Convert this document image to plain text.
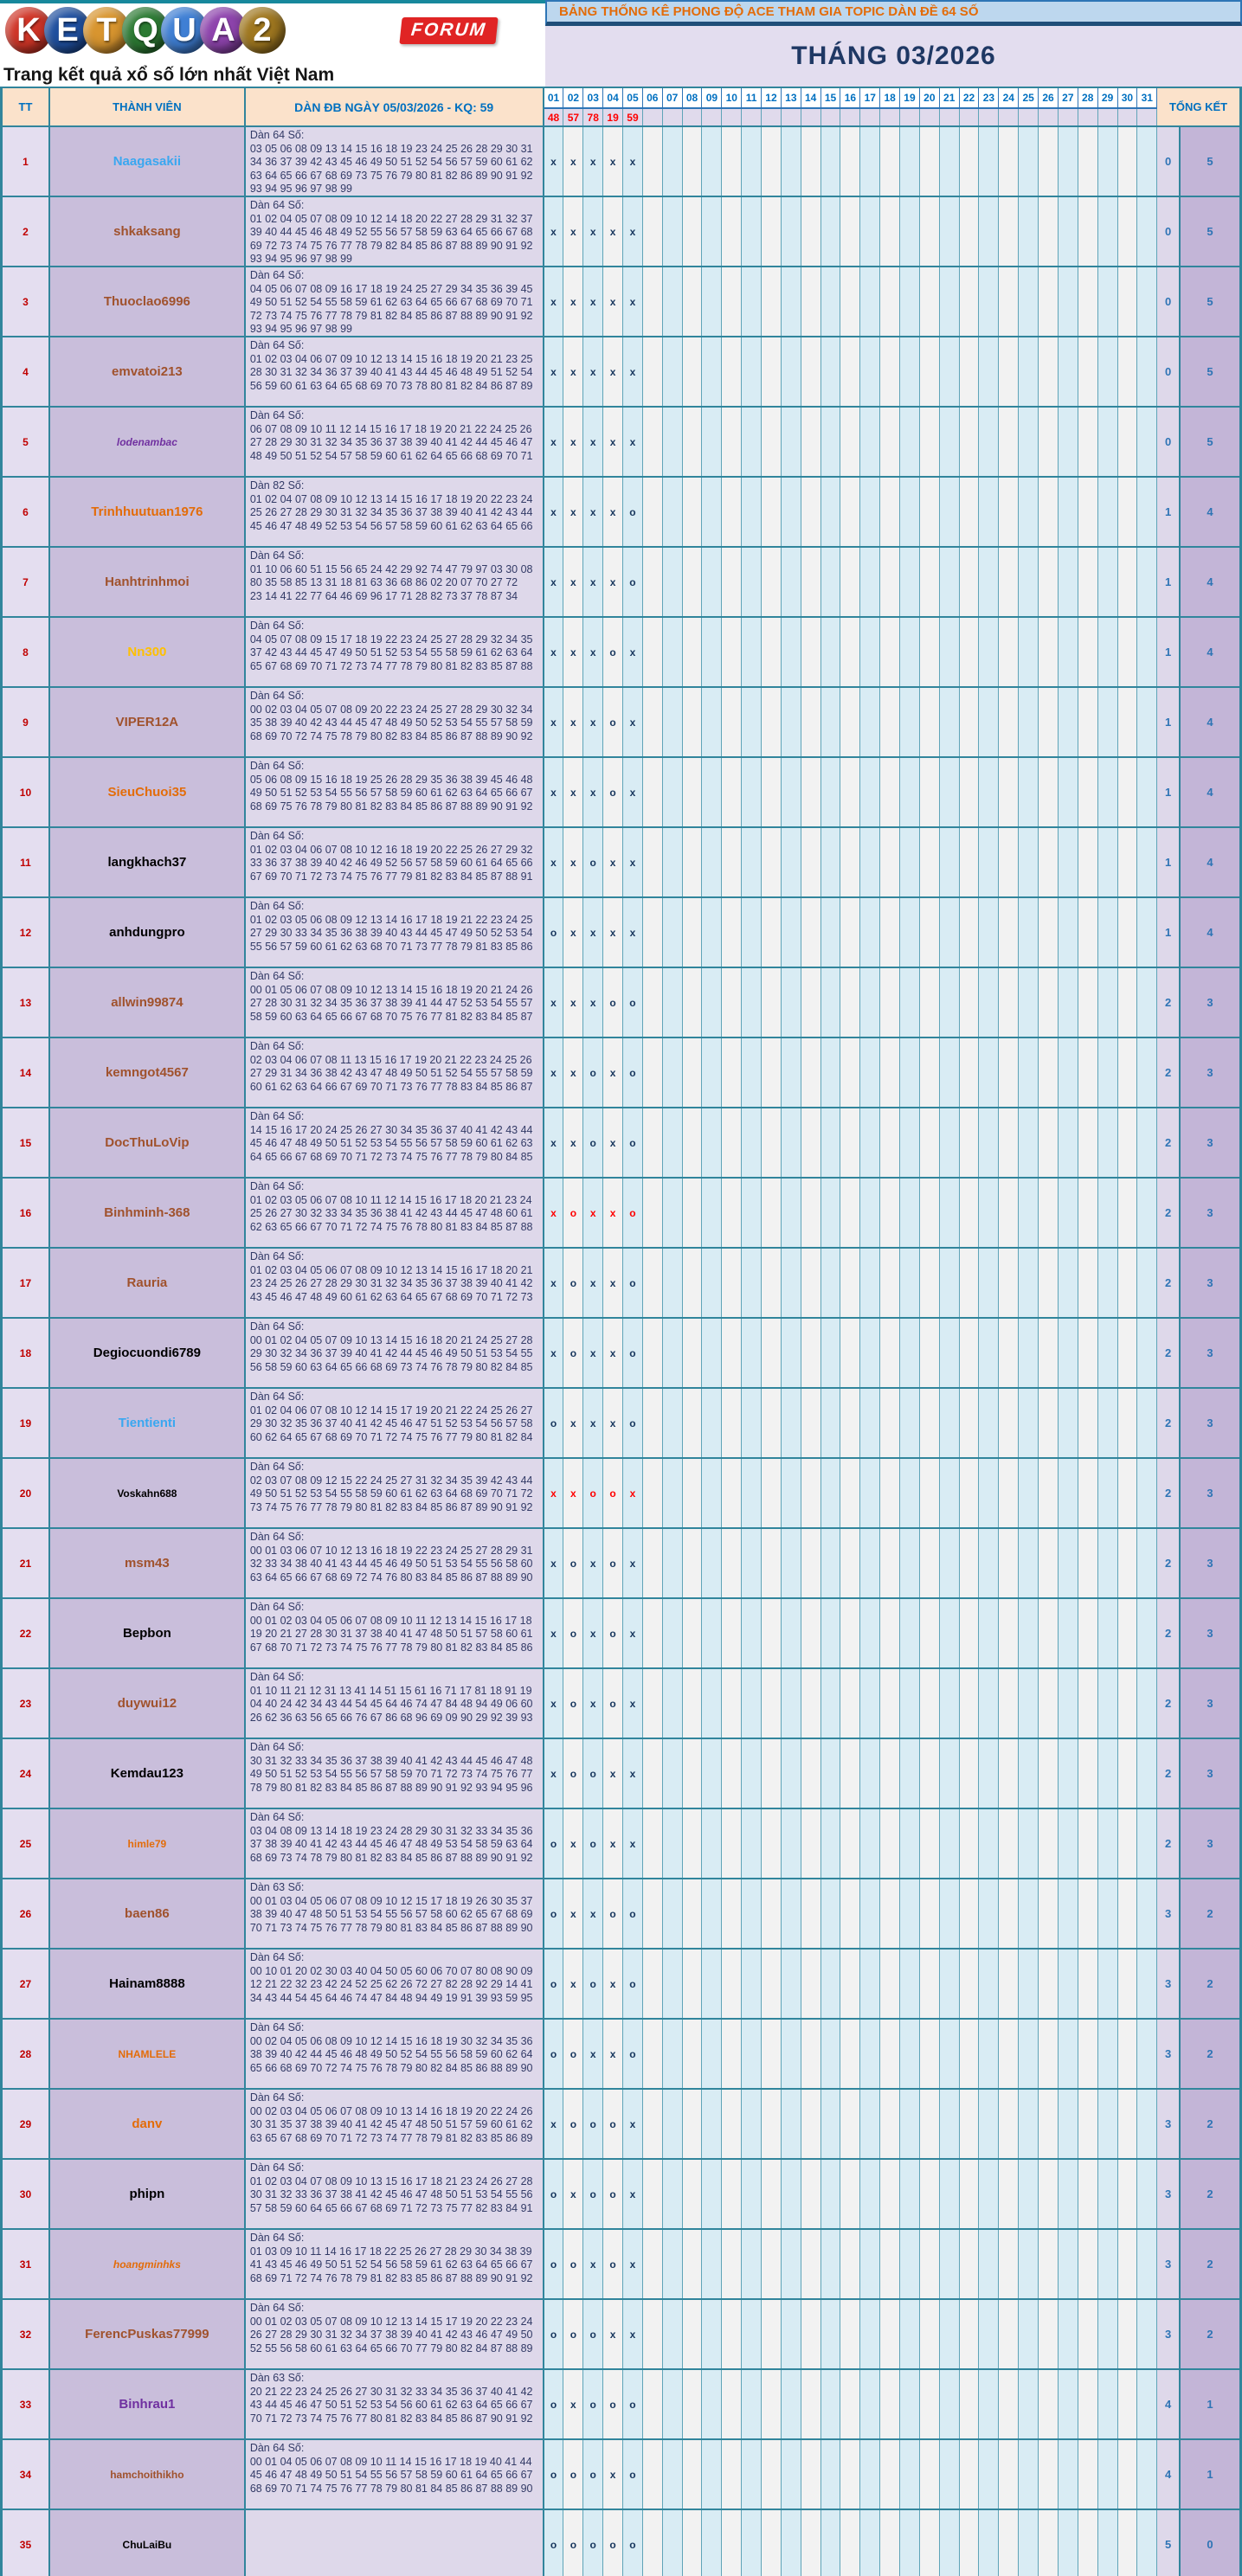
K E T Q U A 2	FORUM
Trang kết quả xổ số lớn nhất Việt Nam
BẢNG THỐNG KÊ PHONG ĐỘ ACE THAM GIA TOPIC DÀN ĐỀ 64 SỐ
THÁNG 03/2026
TT	THÀNH VIÊN	DÀN ĐB NGÀY 05/03/2026 - KQ: 59
01 02 03 04 05 06 07 08 09 10 11 12 13 14 15 16 17 18 19 20 21 22 23 24 25 26 27 28 29 30 31
48 57 78 19 59
TỔNG KẾT
1	Naagasakii
Dàn 64 Số:
03 05 06 08 09 13 14 15 16 18 19 23 24 25 26 28 29 30 31
34 36 37 39 42 43 45 46 49 50 51 52 54 56 57 59 60 61 62
63 64 65 66 67 68 69 73 75 76 79 80 81 82 86 89 90 91 92
93 94 95 96 97 98 99
x	x	x	x	x	0	5
2	shkaksang
Dàn 64 Số:
01 02 04 05 07 08 09 10 12 14 18 20 22 27 28 29 31 32 37
39 40 44 45 46 48 49 52 55 56 57 58 59 63 64 65 66 67 68
69 72 73 74 75 76 77 78 79 82 84 85 86 87 88 89 90 91 92
93 94 95 96 97 98 99
x	x	x	x	x	0	5
3	Thuoclao6996
Dàn 64 Số:
04 05 06 07 08 09 16 17 18 19 24 25 27 29 34 35 36 39 45
49 50 51 52 54 55 58 59 61 62 63 64 65 66 67 68 69 70 71
72 73 74 75 76 77 78 79 81 82 84 85 86 87 88 89 90 91 92
93 94 95 96 97 98 99
x	x	x	x	x	0	5
4	emvatoi213
Dàn 64 Số:
01 02 03 04 06 07 09 10 12 13 14 15 16 18 19 20 21 23 25
28 30 31 32 34 36 37 39 40 41 43 44 45 46 48 49 51 52 54
56 59 60 61 63 64 65 68 69 70 73 78 80 81 82 84 86 87 89
x	x	x	x	x	0	5
5	lodenambac
Dàn 64 Số:
06 07 08 09 10 11 12 14 15 16 17 18 19 20 21 22 24 25 26
27 28 29 30 31 32 34 35 36 37 38 39 40 41 42 44 45 46 47
48 49 50 51 52 54 57 58 59 60 61 62 64 65 66 68 69 70 71
x	x	x	x	x	0	5
6	Trinhhuutuan1976
Dàn 82 Số:
01 02 04 07 08 09 10 12 13 14 15 16 17 18 19 20 22 23 24
25 26 27 28 29 30 31 32 34 35 36 37 38 39 40 41 42 43 44
45 46 47 48 49 52 53 54 56 57 58 59 60 61 62 63 64 65 66
x	x	x	x	o	1	4
7	Hanhtrinhmoi
Dàn 64 Số:
01 10 06 60 51 15 56 65 24 42 29 92 74 47 79 97 03 30 08
80 35 58 85 13 31 18 81 63 36 68 86 02 20 07 70 27 72
23 14 41 22 77 64 46 69 96 17 71 28 82 73 37 78 87 34
x	x	x	x	o	1	4
8	Nn300
Dàn 64 Số:
04 05 07 08 09 15 17 18 19 22 23 24 25 27 28 29 32 34 35
37 42 43 44 45 47 49 50 51 52 53 54 55 58 59 61 62 63 64
65 67 68 69 70 71 72 73 74 77 78 79 80 81 82 83 85 87 88
x	x	x	o	x	1	4
9	VIPER12A
Dàn 64 Số:
00 02 03 04 05 07 08 09 20 22 23 24 25 27 28 29 30 32 34
35 38 39 40 42 43 44 45 47 48 49 50 52 53 54 55 57 58 59
68 69 70 72 74 75 78 79 80 82 83 84 85 86 87 88 89 90 92
x	x	x	o	x	1	4
10	SieuChuoi35
Dàn 64 Số:
05 06 08 09 15 16 18 19 25 26 28 29 35 36 38 39 45 46 48
49 50 51 52 53 54 55 56 57 58 59 60 61 62 63 64 65 66 67
68 69 75 76 78 79 80 81 82 83 84 85 86 87 88 89 90 91 92
x	x	x	o	x	1	4
11	langkhach37
Dàn 64 Số:
01 02 03 04 06 07 08 10 12 16 18 19 20 22 25 26 27 29 32
33 36 37 38 39 40 42 46 49 52 56 57 58 59 60 61 64 65 66
67 69 70 71 72 73 74 75 76 77 79 81 82 83 84 85 87 88 91
x	x	o	x	x	1	4
12	anhdungpro
Dàn 64 Số:
01 02 03 05 06 08 09 12 13 14 16 17 18 19 21 22 23 24 25
27 29 30 33 34 35 36 38 39 40 43 44 45 47 49 50 52 53 54
55 56 57 59 60 61 62 63 68 70 71 73 77 78 79 81 83 85 86
o	x	x	x	x	1	4
13	allwin99874
Dàn 64 Số:
00 01 05 06 07 08 09 10 12 13 14 15 16 18 19 20 21 24 26
27 28 30 31 32 34 35 36 37 38 39 41 44 47 52 53 54 55 57
58 59 60 63 64 65 66 67 68 70 75 76 77 81 82 83 84 85 87
x	x	x	o	o	2	3
14	kemngot4567
Dàn 64 Số:
02 03 04 06 07 08 11 13 15 16 17 19 20 21 22 23 24 25 26
27 29 31 34 36 38 42 43 47 48 49 50 51 52 54 55 57 58 59
60 61 62 63 64 66 67 69 70 71 73 76 77 78 83 84 85 86 87
x	x	o	x	o	2	3
15	DocThuLoVip
Dàn 64 Số:
14 15 16 17 20 24 25 26 27 30 34 35 36 37 40 41 42 43 44
45 46 47 48 49 50 51 52 53 54 55 56 57 58 59 60 61 62 63
64 65 66 67 68 69 70 71 72 73 74 75 76 77 78 79 80 84 85
x	x	o	x	o	2	3
16	Binhminh-368
Dàn 64 Số:
01 02 03 05 06 07 08 10 11 12 14 15 16 17 18 20 21 23 24
25 26 27 30 32 33 34 35 36 38 41 42 43 44 45 47 48 60 61
62 63 65 66 67 70 71 72 74 75 76 78 80 81 83 84 85 87 88
x	o	x	x	o	2	3
17	Rauria
Dàn 64 Số:
01 02 03 04 05 06 07 08 09 10 12 13 14 15 16 17 18 20 21
23 24 25 26 27 28 29 30 31 32 34 35 36 37 38 39 40 41 42
43 45 46 47 48 49 60 61 62 63 64 65 67 68 69 70 71 72 73
x	o	x	x	o	2	3
18	Degiocuondi6789
Dàn 64 Số:
00 01 02 04 05 07 09 10 13 14 15 16 18 20 21 24 25 27 28
29 30 32 34 36 37 39 40 41 42 44 45 46 49 50 51 53 54 55
56 58 59 60 63 64 65 66 68 69 73 74 76 78 79 80 82 84 85
x	o	x	x	o	2	3
19	Tientienti
Dàn 64 Số:
01 02 04 06 07 08 10 12 14 15 17 19 20 21 22 24 25 26 27
29 30 32 35 36 37 40 41 42 45 46 47 51 52 53 54 56 57 58
60 62 64 65 67 68 69 70 71 72 74 75 76 77 79 80 81 82 84
o	x	x	x	o	2	3
20	Voskahn688
Dàn 64 Số:
02 03 07 08 09 12 15 22 24 25 27 31 32 34 35 39 42 43 44
49 50 51 52 53 54 55 58 59 60 61 62 63 64 68 69 70 71 72
73 74 75 76 77 78 79 80 81 82 83 84 85 86 87 89 90 91 92
x	x	o	o	x	2	3
21	msm43
Dàn 64 Số:
00 01 03 06 07 10 12 13 16 18 19 22 23 24 25 27 28 29 31
32 33 34 38 40 41 43 44 45 46 49 50 51 53 54 55 56 58 60
63 64 65 66 67 68 69 72 74 76 80 83 84 85 86 87 88 89 90
x	o	x	o	x	2	3
22	Bepbon
Dàn 64 Số:
00 01 02 03 04 05 06 07 08 09 10 11 12 13 14 15 16 17 18
19 20 21 27 28 30 31 37 38 40 41 47 48 50 51 57 58 60 61
67 68 70 71 72 73 74 75 76 77 78 79 80 81 82 83 84 85 86
x	o	x	o	x	2	3
23	duywui12
Dàn 64 Số:
01 10 11 21 12 31 13 41 14 51 15 61 16 71 17 81 18 91 19
04 40 24 42 34 43 44 54 45 64 46 74 47 84 48 94 49 06 60
26 62 36 63 56 65 66 76 67 86 68 96 69 09 90 29 92 39 93
x	o	x	o	x	2	3
24	Kemdau123
Dàn 64 Số:
30 31 32 33 34 35 36 37 38 39 40 41 42 43 44 45 46 47 48
49 50 51 52 53 54 55 56 57 58 59 70 71 72 73 74 75 76 77
78 79 80 81 82 83 84 85 86 87 88 89 90 91 92 93 94 95 96
x	o	o	x	x	2	3
25	himle79
Dàn 64 Số:
03 04 08 09 13 14 18 19 23 24 28 29 30 31 32 33 34 35 36
37 38 39 40 41 42 43 44 45 46 47 48 49 53 54 58 59 63 64
68 69 73 74 78 79 80 81 82 83 84 85 86 87 88 89 90 91 92
o	x	o	x	x	2	3
26	baen86
Dàn 63 Số:
00 01 03 04 05 06 07 08 09 10 12 15 17 18 19 26 30 35 37
38 39 40 47 48 50 51 53 54 55 56 57 58 60 62 65 67 68 69
70 71 73 74 75 76 77 78 79 80 81 83 84 85 86 87 88 89 90
o	x	x	o	o	3	2
27	Hainam8888
Dàn 64 Số:
00 10 01 20 02 30 03 40 04 50 05 60 06 70 07 80 08 90 09
12 21 22 32 23 42 24 52 25 62 26 72 27 82 28 92 29 14 41
34 43 44 54 45 64 46 74 47 84 48 94 49 19 91 39 93 59 95
o	x	o	x	o	3	2
28	NHAMLELE
Dàn 64 Số:
00 02 04 05 06 08 09 10 12 14 15 16 18 19 30 32 34 35 36
38 39 40 42 44 45 46 48 49 50 52 54 55 56 58 59 60 62 64
65 66 68 69 70 72 74 75 76 78 79 80 82 84 85 86 88 89 90
o	o	x	x	o	3	2
29	danv
Dàn 64 Số:
00 02 03 04 05 06 07 08 09 10 13 14 16 18 19 20 22 24 26
30 31 35 37 38 39 40 41 42 45 47 48 50 51 57 59 60 61 62
63 65 67 68 69 70 71 72 73 74 77 78 79 81 82 83 85 86 89
x	o	o	o	x	3	2
30	phipn
Dàn 64 Số:
01 02 03 04 07 08 09 10 13 15 16 17 18 21 23 24 26 27 28
30 31 32 33 36 37 38 41 42 45 46 47 48 50 51 53 54 55 56
57 58 59 60 64 65 66 67 68 69 71 72 73 75 77 82 83 84 91
o	x	o	o	x	3	2
31	hoangminhks
Dàn 64 Số:
01 03 09 10 11 14 16 17 18 22 25 26 27 28 29 30 34 38 39
41 43 45 46 49 50 51 52 54 56 58 59 61 62 63 64 65 66 67
68 69 71 72 74 76 78 79 81 82 83 85 86 87 88 89 90 91 92
o	o	x	o	x	3	2
32	FerencPuskas77999
Dàn 64 Số:
00 01 02 03 05 07 08 09 10 12 13 14 15 17 19 20 22 23 24
26 27 28 29 30 31 32 34 37 38 39 40 41 42 43 46 47 49 50
52 55 56 58 60 61 63 64 65 66 70 77 79 80 82 84 87 88 89
o	o	o	x	x	3	2
33	Binhrau1
Dàn 63 Số:
20 21 22 23 24 25 26 27 30 31 32 33 34 35 36 37 40 41 42
43 44 45 46 47 50 51 52 53 54 56 60 61 62 63 64 65 66 67
70 71 72 73 74 75 76 77 80 81 82 83 84 85 86 87 90 91 92
o	x	o	o	o	4	1
34	hamchoithikho
Dàn 64 Số:
00 01 04 05 06 07 08 09 10 11 14 15 16 17 18 19 40 41 44
45 46 47 48 49 50 51 54 55 56 57 58 59 60 61 64 65 66 67
68 69 70 71 74 75 76 77 78 79 80 81 84 85 86 87 88 89 90
o	o	o	x	o	4	1
35	ChuLaiBu	o	o	o	o	o	5	0
